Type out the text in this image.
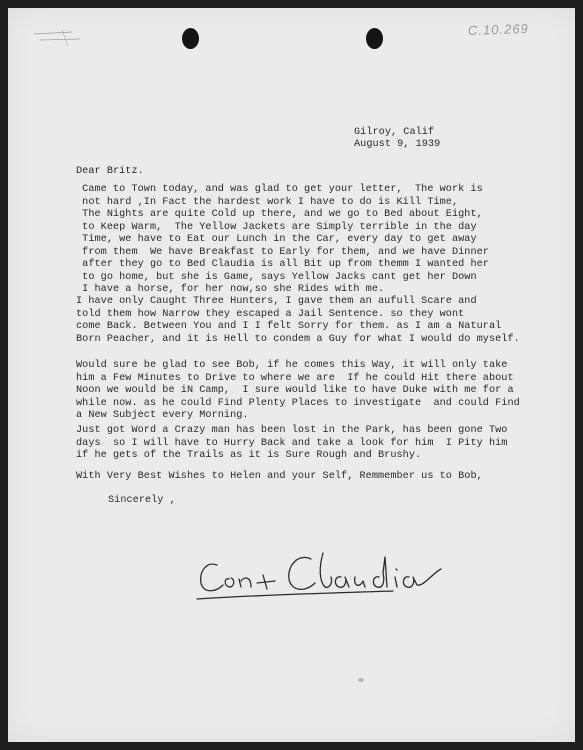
C.10.269
Gilroy, Calif
August 9, 1939
Dear Britz.
Came to Town today, and was glad to get your letter,  The work is
not hard ,In Fact the hardest work I have to do is Kill Time,
The Nights are quite Cold up there, and we go to Bed about Eight,
to Keep Warm,  The Yellow Jackets are Simply terrible in the day
Time, we have to Eat our Lunch in the Car, every day to get away
from them  We have Breakfast to Early for them, and we have Dinner
after they go to Bed Claudia is all Bit up from themm I wanted her
to go home, but she is Game, says Yellow Jacks cant get her Down
I have a horse, for her now,so she Rides with me.
I have only Caught Three Hunters, I gave them an aufull Scare and
told them how Narrow they escaped a Jail Sentence. so they wont
come Back. Between You and I I felt Sorry for them. as I am a Natural
Born Peacher, and it is Hell to condem a Guy for what I would do myself.
Would sure be glad to see Bob, if he comes this Way, it will only take
him a Few Minutes to Drive to where we are  If he could Hit there about
Noon we would be iN Camp,  I sure would like to have Duke with me for a
while now. as he could Find Plenty Places to investigate  and could Find
a New Subject every Morning.
Just got Word a Crazy man has been lost in the Park, has been gone Two
days  so I will have to Hurry Back and take a look for him  I Pity him
if he gets of the Trails as it is Sure Rough and Brushy.
With Very Best Wishes to Helen and your Self, Remmember us to Bob,
Sincerely ,
